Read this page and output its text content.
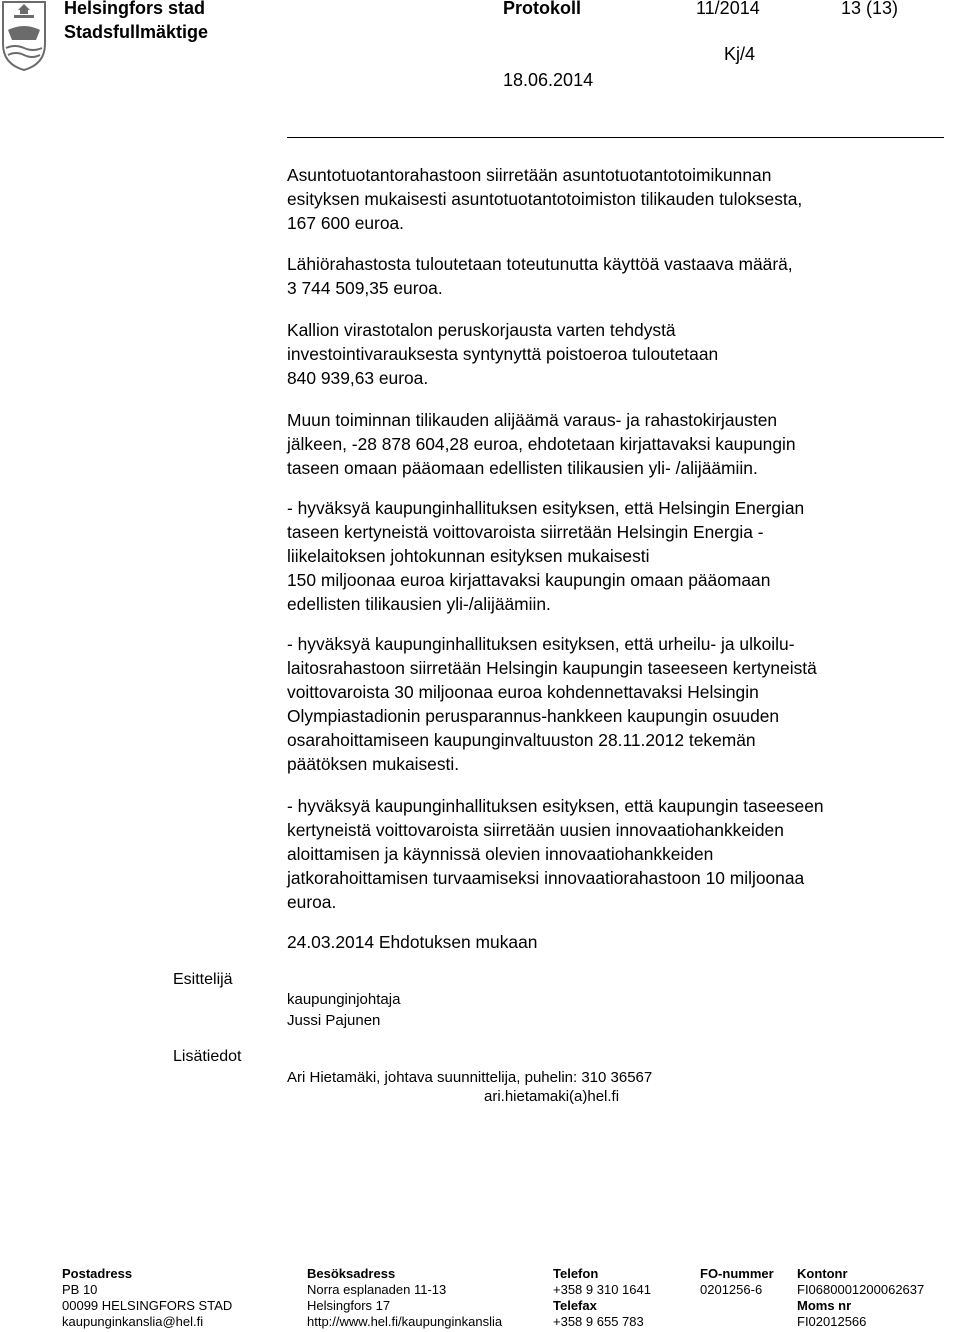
Helsingfors stad
Stadsfullmäktige
Protokoll	11/2014	13 (13)
Kj/4
18.06.2014

Asuntotuotantorahastoon siirretään asuntotuotantotoimikunnan
esityksen mukaisesti asuntotuotantotoimiston tilikauden tuloksesta,
167 600 euroa.

Lähiörahastosta tuloutetaan toteutunutta käyttöä vastaava määrä,
3 744 509,35 euroa.

Kallion virastotalon peruskorjausta varten tehdystä
investointivarauksesta syntynyttä poistoeroa tuloutetaan
840 939,63 euroa.

Muun toiminnan tilikauden alijäämä varaus- ja rahastokirjausten
jälkeen, -28 878 604,28 euroa, ehdotetaan kirjattavaksi kaupungin
taseen omaan pääomaan edellisten tilikausien yli- /alijäämiin.

- hyväksyä kaupunginhallituksen esityksen, että Helsingin Energian
taseen kertyneistä voittovaroista siirretään Helsingin Energia -
liikelaitoksen johtokunnan esityksen mukaisesti
150 miljoonaa euroa kirjattavaksi kaupungin omaan pääomaan
edellisten tilikausien yli-/alijäämiin.

- hyväksyä kaupunginhallituksen esityksen, että urheilu- ja ulkoilu-
laitosrahastoon siirretään Helsingin kaupungin taseeseen kertyneistä
voittovaroista 30 miljoonaa euroa kohdennettavaksi Helsingin
Olympiastadionin perusparannus-hankkeen kaupungin osuuden
osarahoittamiseen kaupunginvaltuuston 28.11.2012 tekemän
päätöksen mukaisesti.

- hyväksyä kaupunginhallituksen esityksen, että kaupungin taseeseen
kertyneistä voittovaroista siirretään uusien innovaatiohankkeiden
aloittamisen ja käynnissä olevien innovaatiohankkeiden
jatkorahoittamisen turvaamiseksi innovaatiorahastoon 10 miljoonaa
euroa.

24.03.2014 Ehdotuksen mukaan

Esittelijä
kaupunginjohtaja
Jussi Pajunen
Lisätiedot
Ari Hietamäki, johtava suunnittelija, puhelin: 310 36567
ari.hietamaki(a)hel.fi
Postadress
PB 10
00099 HELSINGFORS STAD
kaupunginkanslia@hel.fi
Besöksadress
Norra esplanaden 11-13
Helsingfors 17
http://www.hel.fi/kaupunginkanslia
Telefon
+358 9 310 1641
Telefax
+358 9 655 783
FO-nummer
0201256-6
Kontonr
FI0680001200062637
Moms nr
FI02012566
